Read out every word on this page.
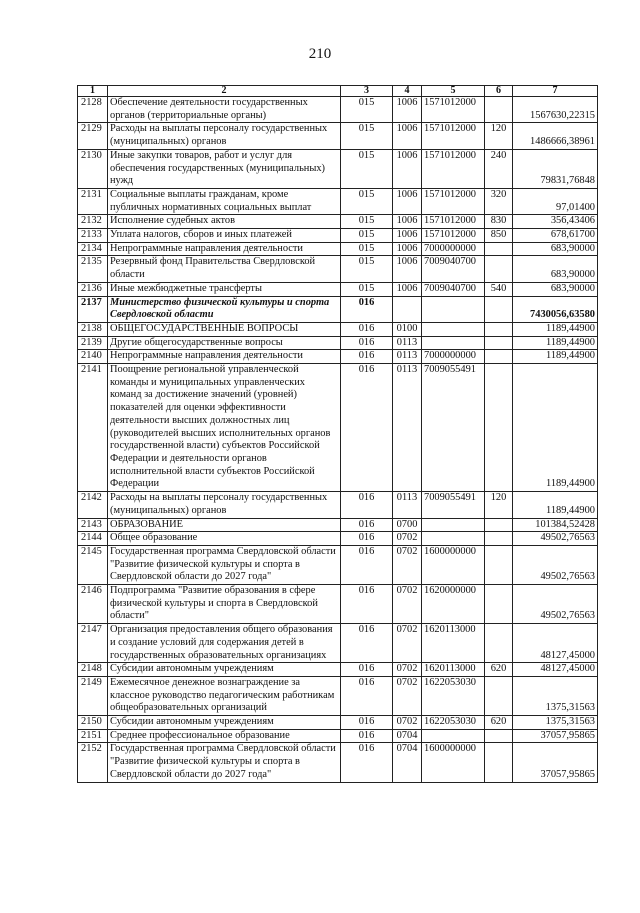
210
1	2	3	4	5	6	7
2128	Обеспечение деятельности государственных органов (территориальные органы)	015	1006	1571012000		1567630,22315
2129	Расходы на выплаты персоналу государственных (муниципальных) органов	015	1006	1571012000	120	1486666,38961
2130	Иные закупки товаров, работ и услуг для обеспечения государственных (муниципальных) нужд	015	1006	1571012000	240	79831,76848
2131	Социальные выплаты гражданам, кроме публичных нормативных социальных выплат	015	1006	1571012000	320	97,01400
2132	Исполнение судебных актов	015	1006	1571012000	830	356,43406
2133	Уплата налогов, сборов и иных платежей	015	1006	1571012000	850	678,61700
2134	Непрограммные направления деятельности	015	1006	7000000000		683,90000
2135	Резервный фонд Правительства Свердловской области	015	1006	7009040700		683,90000
2136	Иные межбюджетные трансферты	015	1006	7009040700	540	683,90000
2137	Министерство физической культуры и спорта Свердловской области	016				7430056,63580
2138	ОБЩЕГОСУДАРСТВЕННЫЕ ВОПРОСЫ	016	0100			1189,44900
2139	Другие общегосударственные вопросы	016	0113			1189,44900
2140	Непрограммные направления деятельности	016	0113	7000000000		1189,44900
2141	Поощрение региональной управленческой команды и муниципальных управленческих команд за достижение значений (уровней) показателей для оценки эффективности деятельности высших должностных лиц (руководителей высших исполнительных органов государственной власти) субъектов Российской Федерации и деятельности органов исполнительной власти субъектов Российской Федерации	016	0113	7009055491		1189,44900
2142	Расходы на выплаты персоналу государственных (муниципальных) органов	016	0113	7009055491	120	1189,44900
2143	ОБРАЗОВАНИЕ	016	0700			101384,52428
2144	Общее образование	016	0702			49502,76563
2145	Государственная программа Свердловской области "Развитие физической культуры и спорта в Свердловской области до 2027 года"	016	0702	1600000000		49502,76563
2146	Подпрограмма "Развитие образования в сфере физической культуры и спорта в Свердловской области"	016	0702	1620000000		49502,76563
2147	Организация предоставления общего образования и создание условий для содержания детей в государственных образовательных организациях	016	0702	1620113000		48127,45000
2148	Субсидии автономным учреждениям	016	0702	1620113000	620	48127,45000
2149	Ежемесячное денежное вознаграждение за классное руководство педагогическим работникам общеобразовательных организаций	016	0702	1622053030		1375,31563
2150	Субсидии автономным учреждениям	016	0702	1622053030	620	1375,31563
2151	Среднее профессиональное образование	016	0704			37057,95865
2152	Государственная программа Свердловской области "Развитие физической культуры и спорта в Свердловской области до 2027 года"	016	0704	1600000000		37057,95865
